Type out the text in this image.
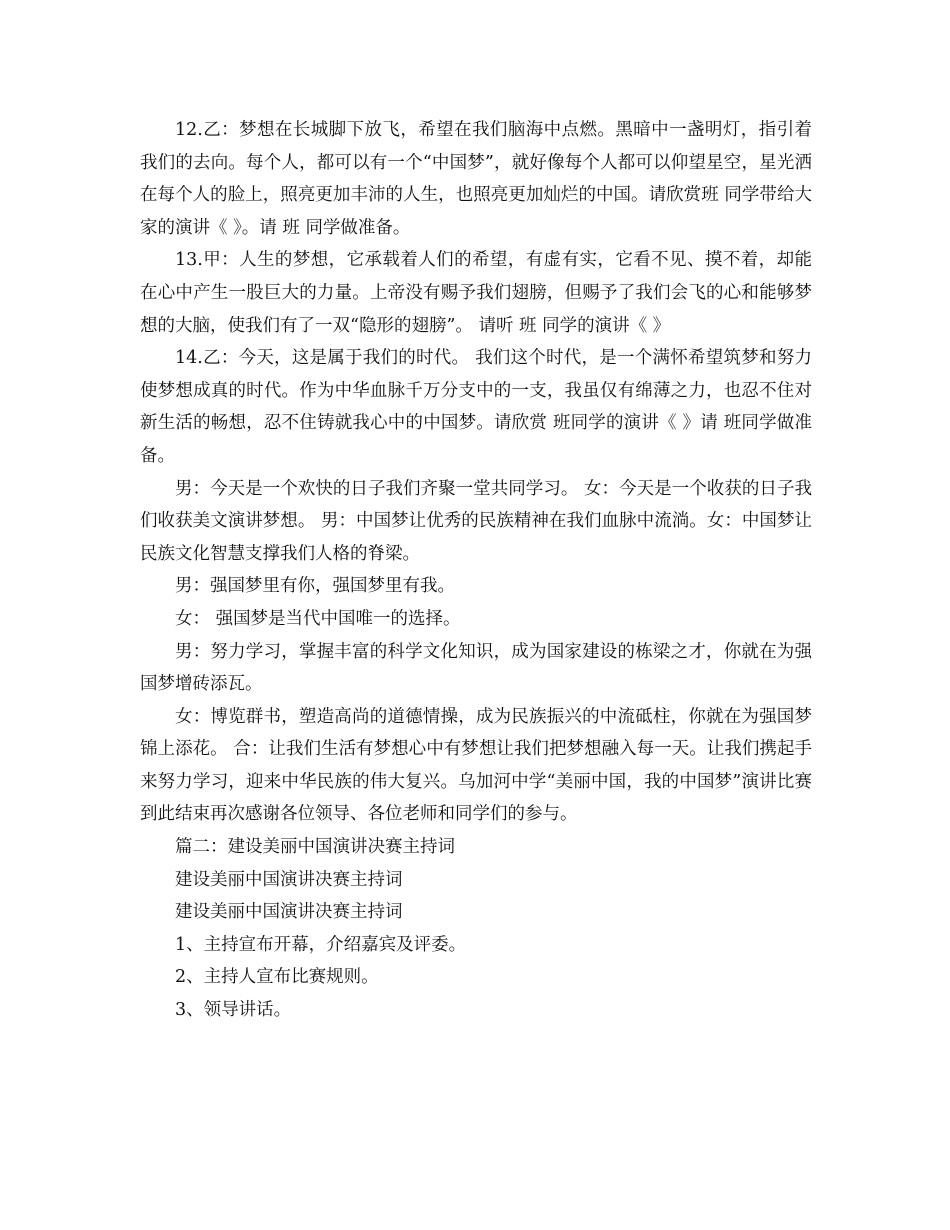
12.乙：梦想在长城脚下放飞，希望在我们脑海中点燃。黑暗中一盏明灯，指引着我们的去向。每个人，都可以有一个“中国梦”，就好像每个人都可以仰望星空，星光洒在每个人的脸上，照亮更加丰沛的人生，也照亮更加灿烂的中国。请欣赏班 同学带给大家的演讲《 》。请 班 同学做准备。

13.甲：人生的梦想，它承载着人们的希望，有虚有实，它看不见、摸不着，却能在心中产生一股巨大的力量。上帝没有赐予我们翅膀，但赐予了我们会飞的心和能够梦想的大脑，使我们有了一双“隐形的翅膀”。 请听 班 同学的演讲《 》

14.乙：今天，这是属于我们的时代。 我们这个时代，是一个满怀希望筑梦和努力使梦想成真的时代。作为中华血脉千万分支中的一支，我虽仅有绵薄之力，也忍不住对新生活的畅想，忍不住铸就我心中的中国梦。请欣赏 班同学的演讲《 》请 班同学做准备。

男：今天是一个欢快的日子我们齐聚一堂共同学习。 女：今天是一个收获的日子我们收获美文演讲梦想。 男：中国梦让优秀的民族精神在我们血脉中流淌。女：中国梦让民族文化智慧支撑我们人格的脊梁。

男：强国梦里有你，强国梦里有我。

女： 强国梦是当代中国唯一的选择。

男：努力学习，掌握丰富的科学文化知识，成为国家建设的栋梁之才，你就在为强国梦增砖添瓦。

女：博览群书，塑造高尚的道德情操，成为民族振兴的中流砥柱，你就在为强国梦锦上添花。 合：让我们生活有梦想心中有梦想让我们把梦想融入每一天。让我们携起手来努力学习，迎来中华民族的伟大复兴。乌加河中学“美丽中国，我的中国梦”演讲比赛到此结束再次感谢各位领导、各位老师和同学们的参与。

篇二：建设美丽中国演讲决赛主持词

建设美丽中国演讲决赛主持词

建设美丽中国演讲决赛主持词

1、主持宣布开幕，介绍嘉宾及评委。

2、主持人宣布比赛规则。

3、领导讲话。
